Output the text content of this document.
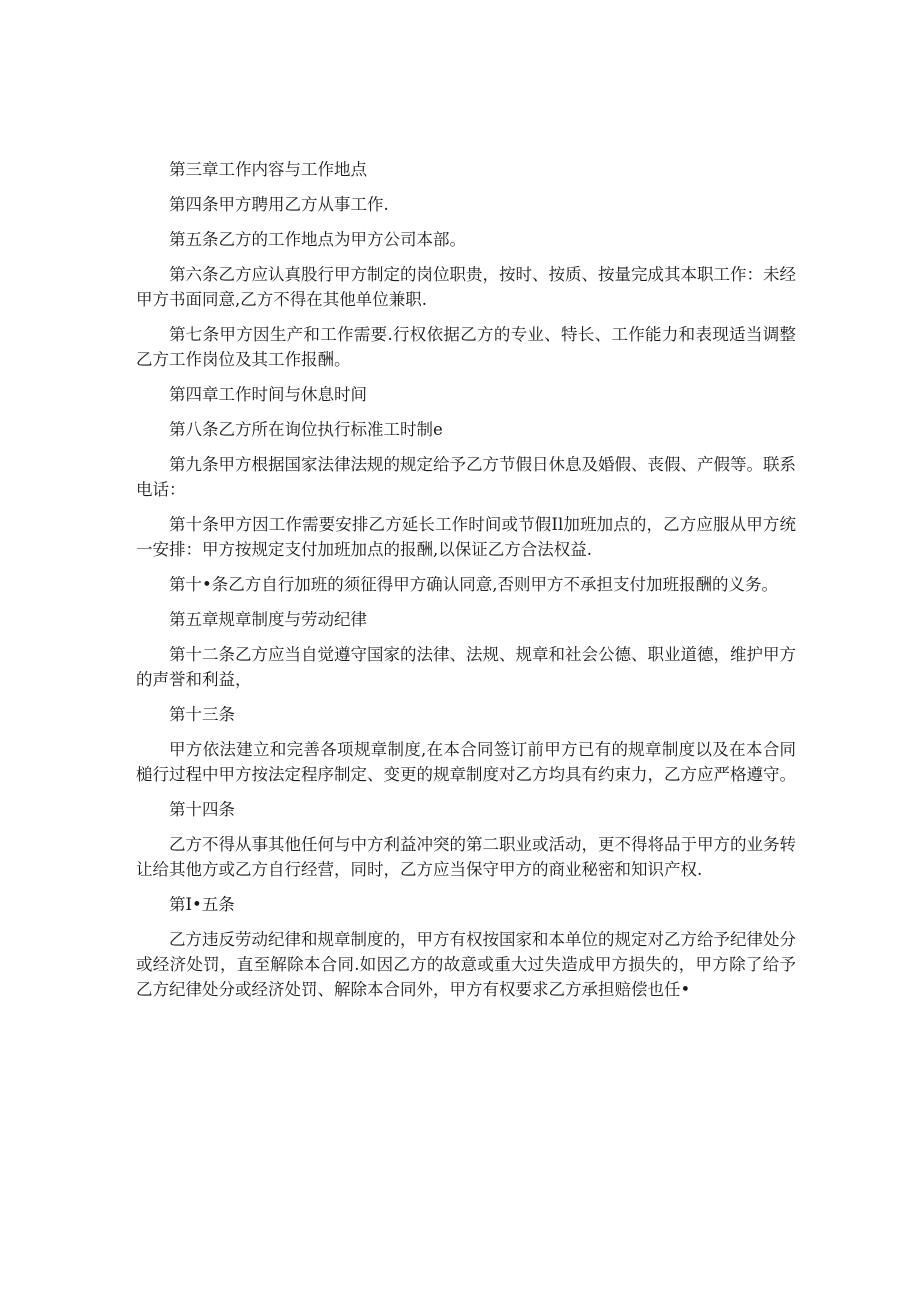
第三章工作内容与工作地点

第四条甲方聘用乙方从事工作.

第五条乙方的工作地点为甲方公司本部。

第六条乙方应认真股行甲方制定的岗位职贵，按时、按质、按量完成其本职工作：未经甲方书面同意,乙方不得在其他单位兼职.

第七条甲方因生产和工作需要.行权依据乙方的专业、特长、工作能力和表现适当调整乙方工作岗位及其工作报酬。

第四章工作时间与休息时间

第八条乙方所在询位执行标准工时制e

第九条甲方根据国家法律法规的规定给予乙方节假日休息及婚假、丧假、产假等。联系电话：

第十条甲方因工作需要安排乙方延长工作时间或节假Il加班加点的，乙方应服从甲方统一安排：甲方按规定支付加班加点的报酬,以保证乙方合法权益.

第十•条乙方自行加班的须征得甲方确认同意,否则甲方不承担支付加班报酬的义务。

第五章规章制度与劳动纪律

第十二条乙方应当自觉遵守国家的法律、法规、规章和社会公德、职业道德，维护甲方的声誉和利益，

第十三条

甲方依法建立和完善各项规章制度,在本合同签订前甲方已有的规章制度以及在本合同槌行过程中甲方按法定程序制定、变更的规章制度对乙方均具有约束力，乙方应严格遵守。

第十四条

乙方不得从事其他任何与中方利益冲突的第二职业或活动，更不得将品于甲方的业务转让给其他方或乙方自行经营，同时，乙方应当保守甲方的商业秘密和知识产权.

第I•五条

乙方违反劳动纪律和规章制度的，甲方有权按国家和本单位的规定对乙方给予纪律处分或经济处罚，直至解除本合同.如因乙方的故意或重大过失造成甲方损失的，甲方除了给予乙方纪律处分或经济处罚、解除本合同外，甲方有权要求乙方承担赔偿也任•
